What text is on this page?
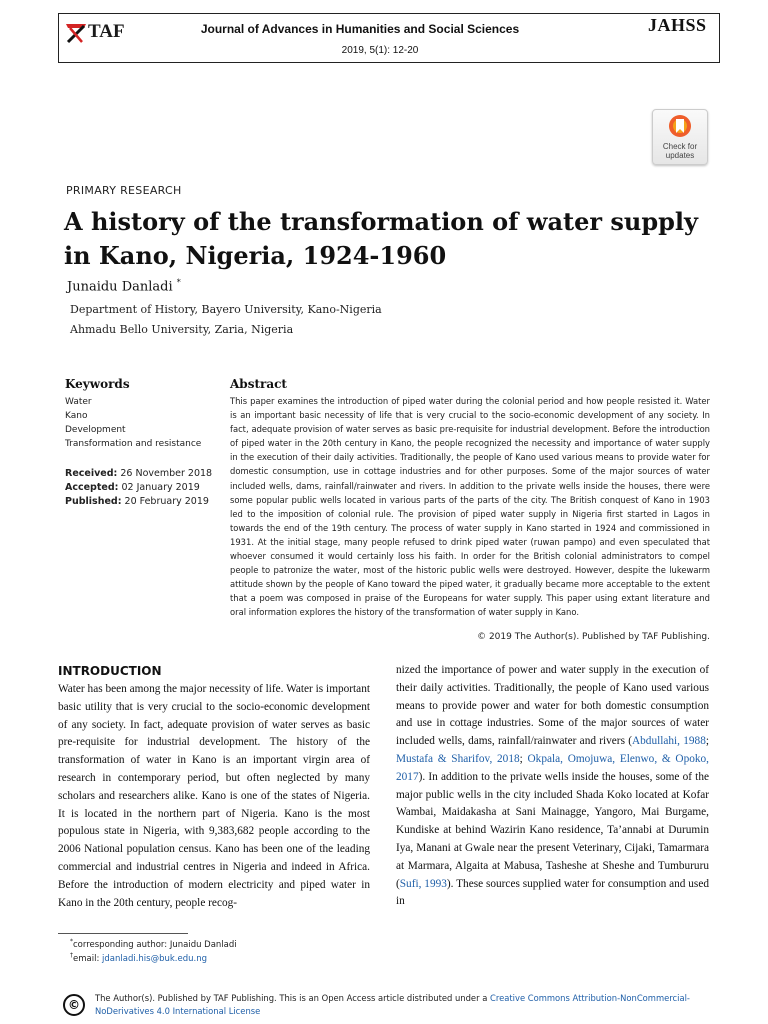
TAF	Journal of Advances in Humanities and Social Sciences
2019, 5(1): 12-20
JAHSS
Check for
updates
PRIMARY RESEARCH
A history of the transformation of water supply in Kano, Nigeria, 1924-1960
Junaidu Danladi *
Department of History, Bayero University, Kano-Nigeria
Ahmadu Bello University, Zaria, Nigeria
Keywords
Water
Kano
Development
Transformation and resistance
Received: 26 November 2018
Accepted: 02 January 2019
Published: 20 February 2019
Abstract
This paper examines the introduction of piped water during the colonial period and how people resisted it. Water is an important basic necessity of life that is very crucial to the socio-economic development of any society. In fact, adequate provision of water serves as basic pre-requisite for industrial development. Before the introduction of piped water in the 20th century in Kano, the people recognized the necessity and importance of water supply in the execution of their daily activities. Traditionally, the people of Kano used various means to provide water for domestic consumption, use in cottage industries and for other purposes. Some of the major sources of water included wells, dams, rainfall/rainwater and rivers. In addition to the private wells inside the houses, there were some popular public wells located in various parts of the parts of the city. The British conquest of Kano in 1903 led to the imposition of colonial rule. The provision of piped water supply in Nigeria first started in Lagos in towards the end of the 19th century. The process of water supply in Kano started in 1924 and commissioned in 1931. At the initial stage, many people refused to drink piped water (ruwan pampo) and even speculated that whoever consumed it would certainly loss his faith. In order for the British colonial administrators to compel people to patronize the water, most of the historic public wells were destroyed. However, despite the lukewarm attitude shown by the people of Kano toward the piped water, it gradually became more acceptable to the extent that a poem was composed in praise of the Europeans for water supply. This paper using extant literature and oral information explores the history of the transformation of water supply in Kano.
© 2019 The Author(s). Published by TAF Publishing.
INTRODUCTION
Water has been among the major necessity of life. Water is important basic utility that is very crucial to the socio-economic development of any society. In fact, adequate provision of water serves as basic pre-requisite for industrial development. The history of the transformation of water in Kano is an important virgin area of research in contemporary period, but often neglected by many scholars and researchers alike. Kano is one of the states of Nigeria. It is located in the northern part of Nigeria. Kano is the most populous state in Nigeria, with 9,383,682 people according to the 2006 National population census. Kano has been one of the leading commercial and industrial centres in Nigeria and indeed in Africa. Before the introduction of modern electricity and piped water in Kano in the 20th century, people recog-
nized the importance of power and water supply in the execution of their daily activities. Traditionally, the people of Kano used various means to provide power and water for both domestic consumption and use in cottage industries. Some of the major sources of water included wells, dams, rainfall/rainwater and rivers (Abdullahi, 1988; Mustafa & Sharifov, 2018; Okpala, Omojuwa, Elenwo, & Opoko, 2017). In addition to the private wells inside the houses, some of the major public wells in the city included Shada Koko located at Kofar Wambai, Maidakasha at Sani Mainagge, Yangoro, Mai Burgame, Kundiske at behind Wazirin Kano residence, Ta’annabi at Durumin Iya, Manani at Gwale near the present Veterinary, Cijaki, Tamarmara at Marmara, Algaita at Mabusa, Tasheshe at Sheshe and Tumbururu (Sufi, 1993). These sources supplied water for consumption and used in
*corresponding author: Junaidu Danladi
†email: jdanladi.his@buk.edu.ng
©	The Author(s). Published by TAF Publishing. This is an Open Access article distributed under a Creative Commons Attribution-NonCommercial-NoDerivatives 4.0 International License
